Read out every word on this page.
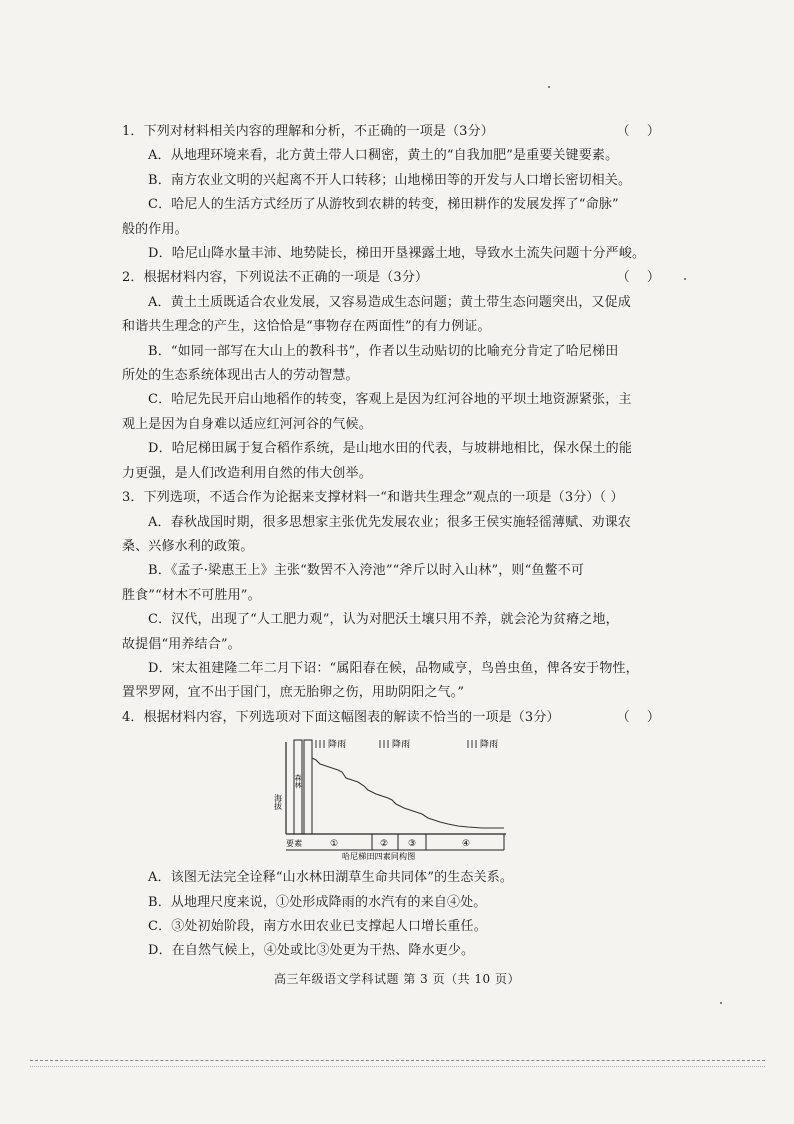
1．下列对材料相关内容的理解和分析，不正确的一项是（3分）	（    ）
A．从地理环境来看，北方黄土带人口稠密，黄土的“自我加肥”是重要关键要素。
B．南方农业文明的兴起离不开人口转移；山地梯田等的开发与人口增长密切相关。
C．哈尼人的生活方式经历了从游牧到农耕的转变，梯田耕作的发展发挥了“命脉”
般的作用。
D．哈尼山降水量丰沛、地势陡长，梯田开垦裸露土地，导致水土流失问题十分严峻。
2．根据材料内容，下列说法不正确的一项是（3分）	（    ）
A．黄土土质既适合农业发展，又容易造成生态问题；黄土带生态问题突出，又促成
和谐共生理念的产生，这恰恰是“事物存在两面性”的有力例证。
B．“如同一部写在大山上的教科书”，作者以生动贴切的比喻充分肯定了哈尼梯田
所处的生态系统体现出古人的劳动智慧。
C．哈尼先民开启山地稻作的转变，客观上是因为红河谷地的平坝土地资源紧张，主
观上是因为自身难以适应红河河谷的气候。
D．哈尼梯田属于复合稻作系统，是山地水田的代表，与坡耕地相比，保水保土的能
力更强，是人们改造利用自然的伟大创举。
3．下列选项，不适合作为论据来支撑材料一“和谐共生理念”观点的一项是（3分）（ ）
A．春秋战国时期，很多思想家主张优先发展农业；很多王侯实施轻徭薄赋、劝课农
桑、兴修水利的政策。
B．《孟子·梁惠王上》主张“数罟不入洿池”“斧斤以时入山林”，则“鱼鳖不可
胜食”“材木不可胜用”。
C．汉代，出现了“人工肥力观”，认为对肥沃土壤只用不养，就会沦为贫瘠之地，
故提倡“用养结合”。
D．宋太祖建隆二年二月下诏：“属阳春在候，品物咸亨，鸟兽虫鱼，俾各安于物性，
置罘罗网，宜不出于国门，庶无胎卵之伤，用助阴阳之气。”
4．根据材料内容，下列选项对下面这幅图表的解读不恰当的一项是（3分）	（    ）
降雨	降雨	降雨
海拔
森林
要素	①	② ③	④
哈尼梯田四素同构图
A．该图无法完全诠释“山水林田湖草生命共同体”的生态关系。
B．从地理尺度来说，①处形成降雨的水汽有的来自④处。
C．③处初始阶段，南方水田农业已支撑起人口增长重任。
D．在自然气候上，④处或比③处更为干热、降水更少。
高三年级语文学科试题 第 3 页（共 10 页）
